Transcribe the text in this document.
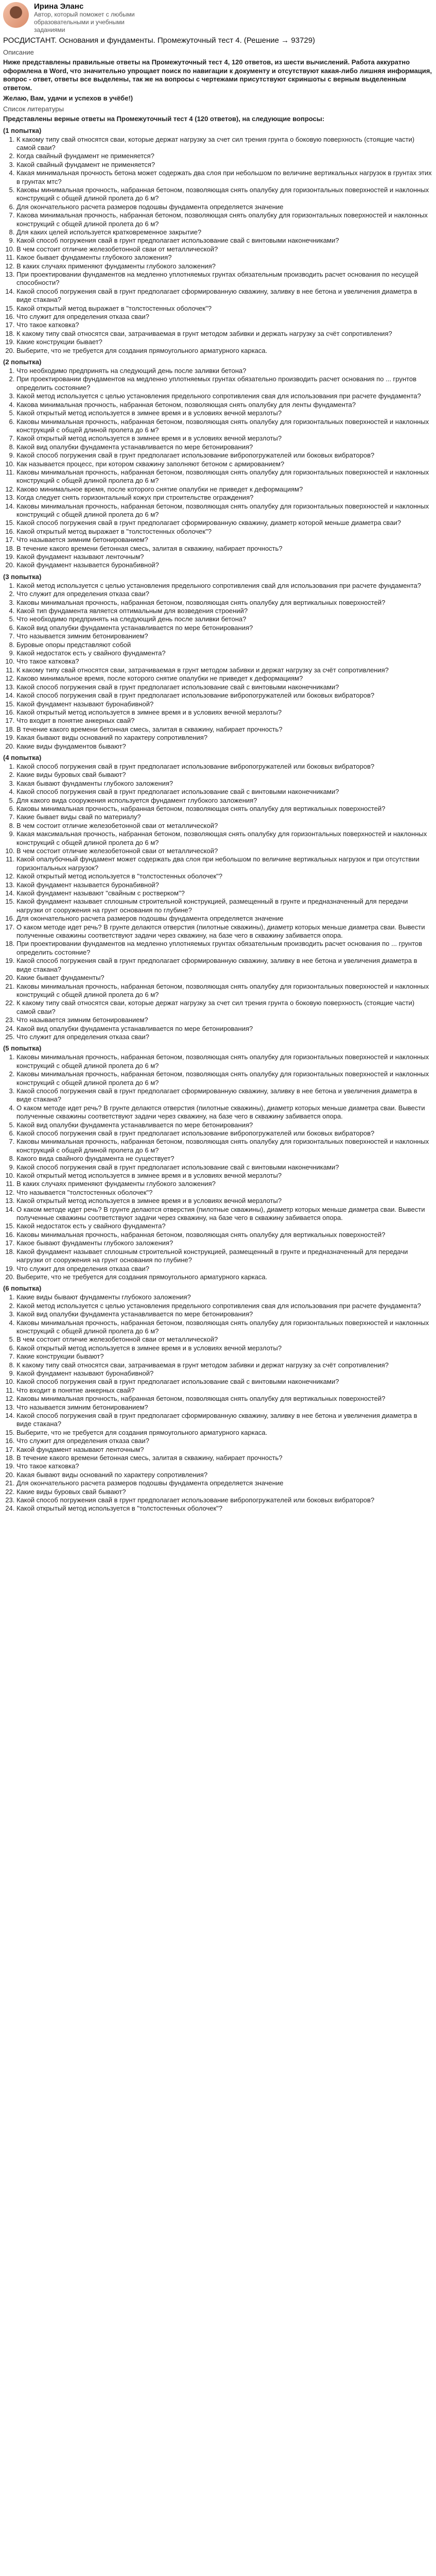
Ирина Эланс
Автор, который поможет с любыми образовательными и учебными заданиями
РОСДИСТАНТ. Основания и фундаменты. Промежуточный тест 4. (Решение → 93729)
Описание
Ниже представлены правильные ответы на Промежуточный тест 4, 120 ответов, из шести вычислений. Работа аккуратно оформлена в Word, что значительно упрощает поиск по навигации к документу и отсутствуют какая-либо лишняя информация, вопрос - ответ, ответы все выделены, так же на вопросы с чертежами присутствуют скриншоты с верным выделенным ответом.
Желаю, Вам, удачи и успехов в учёбе!)
Список литературы
Представлены верные ответы на Промежуточный тест 4 (120 ответов), на следующие вопросы:
(1 попытка)
1. К какому типу свай относятся сваи, которые держат нагрузку за счет сил трения грунта о боковую поверхность (стоящие части) самой сваи?
2. Когда свайный фундамент не применяется?
3. Какой свайный фундамент не применяется?
4. Какая минимальная прочность бетона может содержать два слоя при небольшом по величине вертикальных нагрузок в грунтах этих в грунтах мтс?
5. Каковы минимальная прочность, набранная бетоном, позволяющая снять опалубку для горизонтальных поверхностей и наклонных конструкций с общей длиной пролета до 6 м?
6. Для окончательного расчета размеров подошвы фундамента определяется значение
7. Какова минимальная прочность, набранная бетоном, позволяющая снять опалубку для горизонтальных поверхностей и наклонных конструкций с общей длиной пролета до 6 м?
8. Для каких целей используется кратковременное закрытие?
9. Какой способ погружения свай в грунт предполагает использование свай с винтовыми наконечниками?
10. В чем состоит отличие железобетонной сваи от металлической?
11. Какое бывает фундаменты глубокого заложения?
12. В каких случаях применяют фундаменты глубокого заложения?
13. При проектировании фундаментов на медленно уплотняемых грунтах обязательным производить расчет основания по несущей способности?
14. Какой способ погружения свай в грунт предполагает сформированную скважину, заливку в нее бетона и увеличения диаметра в виде стакана?
15. Какой открытый метод выражает в "толстостенных оболочек"?
16. Что служит для определения отказа сваи?
17. Что такое катковка?
18. К какому типу свай относятся сваи, затрачиваемая в грунт методом забивки и держать нагрузку за счёт сопротивления?
19. Какие конструкции бывает?
20. Выберите, что не требуется для создания прямоугольного арматурного каркаса.
(2 попытка)
1. Что необходимо предпринять на следующий день после заливки бетона?
2. При проектировании фундаментов на медленно уплотняемых грунтах обязательно производить расчет основания по ... грунтов определить состояние?
3. Какой метод используется с целью установления предельного сопротивления свая для использования при расчете фундамента?
4. Какова минимальная прочность, набранная бетоном, позволяющая снять опалубку для ленты фундамента?
5. Какой открытый метод используется в зимнее время и в условиях вечной мерзлоты?
6. Каковы минимальная прочность, набранная бетоном, позволяющая снять опалубку для горизонтальных поверхностей и наклонных конструкций с общей длиной пролета до 6 м?
7. Какой открытый метод используется в зимнее время и в условиях вечной мерзлоты?
8. Какой вид опалубки фундамента устанавливается по мере бетонирования?
9. Какой способ погружения свай в грунт предполагает использование вибропогружателей или боковых вибраторов?
10. Как называется процесс, при котором скважину заполняют бетоном с армированием?
11. Каковы минимальная прочность, набранная бетоном, позволяющая снять опалубку для горизонтальных поверхностей и наклонных конструкций с общей длиной пролета до 6 м?
12. Каково минимальное время, после которого снятие опалубки не приведет к деформациям?
13. Когда следует снять горизонтальный кожух при строительстве ограждения?
14. Каковы минимальная прочность, набранная бетоном, позволяющая снять опалубку для горизонтальных поверхностей и наклонных конструкций с общей длиной пролета до 6 м?
15. Какой способ погружения свай в грунт предполагает сформированную скважину, диаметр которой меньше диаметра сваи?
16. Какой открытый метод выражает в "толстостенных оболочек"?
17. Что называется зимним бетонированием?
18. В течение какого времени бетонная смесь, залитая в скважину, набирает прочность?
19. Какой фундамент называют ленточным?
20. Какой фундамент называется буронабивной?
(3 попытка)
1. Какой метод используется с целью установления предельного сопротивления свай для использования при расчете фундамента?
2. Что служит для определения отказа сваи?
3. Каковы минимальная прочность, набранная бетоном, позволяющая снять опалубку для вертикальных поверхностей?
4. Какой тип фундамента является оптимальным для возведения строений?
5. Что необходимо предпринять на следующий день после заливки бетона?
6. Какой вид опалубки фундамента устанавливается по мере бетонирования?
7. Что называется зимним бетонированием?
8. Буровые опоры представляют собой
9. Какой недостаток есть у свайного фундамента?
10. Что такое катковка?
11. К какому типу свай относятся сваи, затрачиваемая в грунт методом забивки и держат нагрузку за счёт сопротивления?
12. Каково минимальное время, после которого снятие опалубки не приведет к деформациям?
13. Какой способ погружения свай в грунт предполагает использование свай с винтовыми наконечниками?
14. Какой способ погружения свай в грунт предполагает использование вибропогружателей или боковых вибраторов?
15. Какой фундамент называют буронабивной?
16. Какой открытый метод используется в зимнее время и в условиях вечной мерзлоты?
17. Что входит в понятие анкерных свай?
18. В течение какого времени бетонная смесь, залитая в скважину, набирает прочность?
19. Какая бывают виды оснований по характеру сопротивления?
20. Какие виды фундаментов бывают?
(4 попытка)
1. Какой способ погружения свай в грунт предполагает использование вибропогружателей или боковых вибраторов?
2. Какие виды буровых свай бывают?
3. Какая бывают фундаменты глубокого заложения?
4. Какой способ погружения свай в грунт предполагает использование свай с винтовыми наконечниками?
5. Для какого вида сооружения используется фундамент глубокого заложения?
6. Каковы минимальная прочность, набранная бетоном, позволяющая снять опалубку для вертикальных поверхностей?
7. Какие бывает виды свай по материалу?
8. В чем состоит отличие железобетонной сваи от металлической?
9. Какая максимальная прочность, набранная бетоном, позволяющая снять опалубку для горизонтальных поверхностей и наклонных конструкций с общей длиной пролета до 6 м?
10. В чем состоит отличие железобетонной сваи от металлической?
11. Какой опалубочный фундамент может содержать два слоя при небольшом по величине вертикальных нагрузок и при отсутствии горизонтальных нагрузок?
12. Какой открытый метод используется в "толстостенных оболочек"?
13. Какой фундамент называется буронабивной?
14. Какой фундамент называют "свайным с ростверком"?
15. Какой фундамент называет сплошным строительной конструкцией, размещенный в грунте и предназначенный для передачи нагрузки от сооружения на грунт основания по глубине?
16. Для окончательного расчета размеров подошвы фундамента определяется значение
17. О каком методе идет речь? В грунте делаются отверстия (пилотные скважины), диаметр которых меньше диаметра сваи. Вывести полученные скважины соответствуют задачи через скважину, на базе чего в скважину забивается опора.
18. При проектировании фундаментов на медленно уплотняемых грунтах обязательным производить расчет основания по ... грунтов определить состояние?
19. Какой способ погружения свай в грунт предполагает сформированную скважину, заливку в нее бетона и увеличения диаметра в виде стакана?
20. Какие бывает фундаменты?
21. Каковы минимальная прочность, набранная бетоном, позволяющая снять опалубку для горизонтальных поверхностей и наклонных конструкций с общей длиной пролета до 6 м?
22. К какому типу свай относятся сваи, которые держат нагрузку за счет сил трения грунта о боковую поверхность (стоящие части) самой сваи?
23. Что называется зимним бетонированием?
24. Какой вид опалубки фундамента устанавливается по мере бетонирования?
25. Что служит для определения отказа сваи?
(5 попытка)
1. Каковы минимальная прочность, набранная бетоном, позволяющая снять опалубку для горизонтальных поверхностей и наклонных конструкций с общей длиной пролета до 6 м?
2. Каковы минимальная прочность, набранная бетоном, позволяющая снять опалубку для горизонтальных поверхностей и наклонных конструкций с общей длиной пролета до 6 м?
3. Какой способ погружения свай в грунт предполагает сформированную скважину, заливку в нее бетона и увеличения диаметра в виде стакана?
4. О каком методе идет речь? В грунте делаются отверстия (пилотные скважины), диаметр которых меньше диаметра сваи. Вывести полученные скважины соответствуют задачи через скважину, на базе чего в скважину забивается опора.
5. Какой вид опалубки фундамента устанавливается по мере бетонирования?
6. Какой способ погружения свай в грунт предполагает использование вибропогружателей или боковых вибраторов?
7. Каковы минимальная прочность, набранная бетоном, позволяющая снять опалубку для горизонтальных поверхностей и наклонных конструкций с общей длиной пролета до 6 м?
8. Какого вида свайного фундамента не существует?
9. Какой способ погружения свай в грунт предполагает использование свай с винтовыми наконечниками?
10. Какой открытый метод используется в зимнее время и в условиях вечной мерзлоты?
11. В каких случаях применяют фундаменты глубокого заложения?
12. Что называется "толстостенных оболочек"?
13. Какой открытый метод используется в зимнее время и в условиях вечной мерзлоты?
14. О каком методе идет речь? В грунте делаются отверстия (пилотные скважины), диаметр которых меньше диаметра сваи. Вывести полученные скважины соответствуют задачи через скважину, на базе чего в скважину забивается опора.
15. Какой недостаток есть у свайного фундамента?
16. Каковы минимальная прочность, набранная бетоном, позволяющая снять опалубку для вертикальных поверхностей?
17. Какое бывают фундаменты глубокого заложения?
18. Какой фундамент называет сплошным строительной конструкцией, размещенный в грунте и предназначенный для передачи нагрузки от сооружения на грунт основания по глубине?
19. Что служит для определения отказа сваи?
20. Выберите, что не требуется для создания прямоугольного арматурного каркаса.
(6 попытка)
1. Какие виды бывают фундаменты глубокого заложения?
2. Какой метод используется с целью установления предельного сопротивления свая для использования при расчете фундамента?
3. Какой вид опалубки фундамента устанавливается по мере бетонирования?
4. Каковы минимальная прочность, набранная бетоном, позволяющая снять опалубку для горизонтальных поверхностей и наклонных конструкций с общей длиной пролета до 6 м?
5. В чем состоит отличие железобетонной сваи от металлической?
6. Какой открытый метод используется в зимнее время и в условиях вечной мерзлоты?
7. Какие конструкции бывают?
8. К какому типу свай относятся сваи, затрачиваемая в грунт методом забивки и держат нагрузку за счёт сопротивления?
9. Какой фундамент называют буронабивной?
10. Какой способ погружения свай в грунт предполагает использование свай с винтовыми наконечниками?
11. Что входит в понятие анкерных свай?
12. Каковы минимальная прочность, набранная бетоном, позволяющая снять опалубку для вертикальных поверхностей?
13. Что называется зимним бетонированием?
14. Какой способ погружения свай в грунт предполагает сформированную скважину, заливку в нее бетона и увеличения диаметра в виде стакана?
15. Выберите, что не требуется для создания прямоугольного арматурного каркаса.
16. Что служит для определения отказа сваи?
17. Какой фундамент называют ленточным?
18. В течение какого времени бетонная смесь, залитая в скважину, набирает прочность?
19. Что такое катковка?
20. Какая бывают виды оснований по характеру сопротивления?
21. Для окончательного расчета размеров подошвы фундамента определяется значение
22. Какие виды буровых свай бывают?
23. Какой способ погружения свай в грунт предполагает использование вибропогружателей или боковых вибраторов?
24. Какой открытый метод используется в "толстостенных оболочек"?
